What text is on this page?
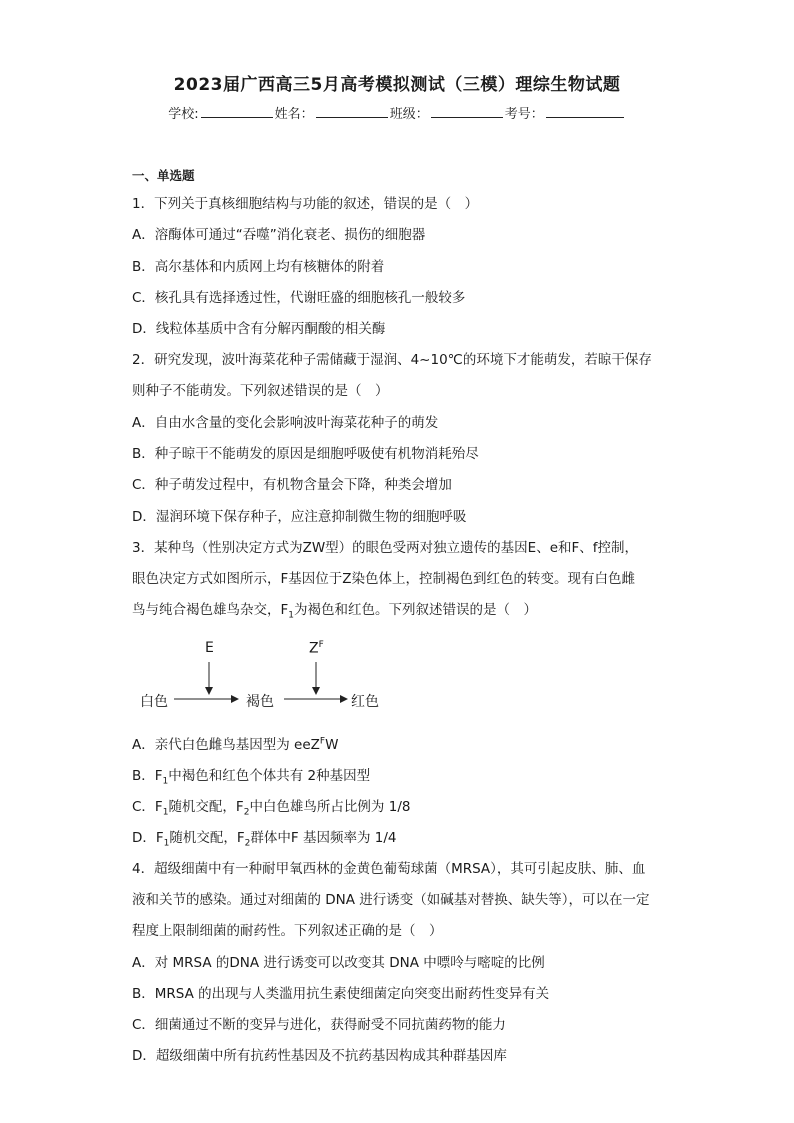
2023届广西高三5月高考模拟测试（三模）理综生物试题
学校:	姓名：	班级：	考号：
一、单选题
1．下列关于真核细胞结构与功能的叙述，错误的是（　）
A．溶酶体可通过“吞噬”消化衰老、损伤的细胞器
B．高尔基体和内质网上均有核糖体的附着
C．核孔具有选择透过性，代谢旺盛的细胞核孔一般较多
D．线粒体基质中含有分解丙酮酸的相关酶
2．研究发现，波叶海菜花种子需储藏于湿润、4~10℃的环境下才能萌发，若晾干保存
则种子不能萌发。下列叙述错误的是（　）
A．自由水含量的变化会影响波叶海菜花种子的萌发
B．种子晾干不能萌发的原因是细胞呼吸使有机物消耗殆尽
C．种子萌发过程中，有机物含量会下降，种类会增加
D．湿润环境下保存种子，应注意抑制微生物的细胞呼吸
3．某种鸟（性别决定方式为ZW型）的眼色受两对独立遗传的基因E、e和F、f控制，
眼色决定方式如图所示，F基因位于Z染色体上，控制褐色到红色的转变。现有白色雌
鸟与纯合褐色雄鸟杂交，$F_1$为褐色和红色。下列叙述错误的是（　）
E	$Z^F$
白色	褐色	红色
A．亲代白色雌鸟基因型为 eeZ$^F$W
B．$F_1$中褐色和红色个体共有 2种基因型
C．$F_1$随机交配，$F_2$中白色雄鸟所占比例为 1/8
D．$F_1$随机交配，$F_2$群体中F 基因频率为 1/4
4．超级细菌中有一种耐甲氧西林的金黄色葡萄球菌（MRSA），其可引起皮肤、肺、血
液和关节的感染。通过对细菌的 DNA 进行诱变（如碱基对替换、缺失等），可以在一定
程度上限制细菌的耐药性。下列叙述正确的是（　）
A．对 MRSA 的DNA 进行诱变可以改变其 DNA 中嘌呤与嘧啶的比例
B．MRSA 的出现与人类滥用抗生素使细菌定向突变出耐药性变异有关
C．细菌通过不断的变异与进化，获得耐受不同抗菌药物的能力
D．超级细菌中所有抗药性基因及不抗药基因构成其种群基因库
